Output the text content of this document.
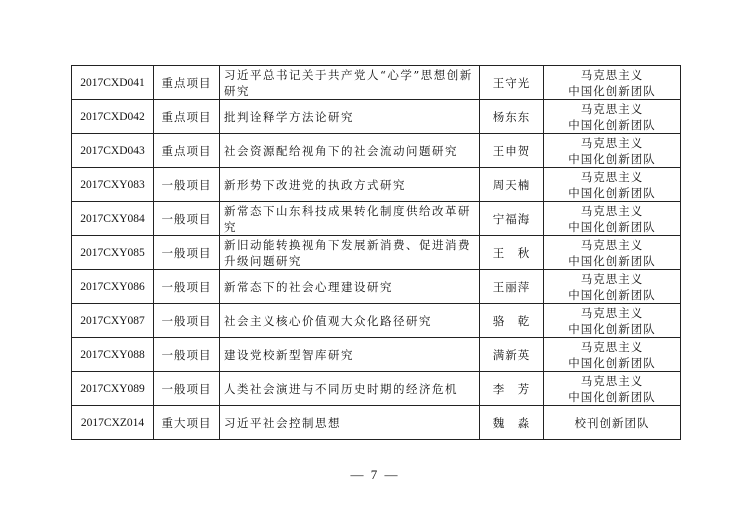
2017CXD041	重点项目	习近平总书记关于共产党人“心学”思想创新研究	王守光	马克思主义
中国化创新团队

2017CXD042	重点项目	批判诠释学方法论研究	杨东东	马克思主义
中国化创新团队

2017CXD043	重点项目	社会资源配给视角下的社会流动问题研究	王申贺	马克思主义
中国化创新团队

2017CXY083	一般项目	新形势下改进党的执政方式研究	周天楠	马克思主义
中国化创新团队

2017CXY084	一般项目	新常态下山东科技成果转化制度供给改革研究	宁福海	马克思主义
中国化创新团队

2017CXY085	一般项目	新旧动能转换视角下发展新消费、促进消费升级问题研究	王　秋	马克思主义
中国化创新团队

2017CXY086	一般项目	新常态下的社会心理建设研究	王丽萍	马克思主义
中国化创新团队

2017CXY087	一般项目	社会主义核心价值观大众化路径研究	骆　乾	马克思主义
中国化创新团队

2017CXY088	一般项目	建设党校新型智库研究	满新英	马克思主义
中国化创新团队

2017CXY089	一般项目	人类社会演进与不同历史时期的经济危机	李　芳	马克思主义
中国化创新团队

2017CXZ014	重大项目	习近平社会控制思想	魏　淼	校刊创新团队
— 7 —
